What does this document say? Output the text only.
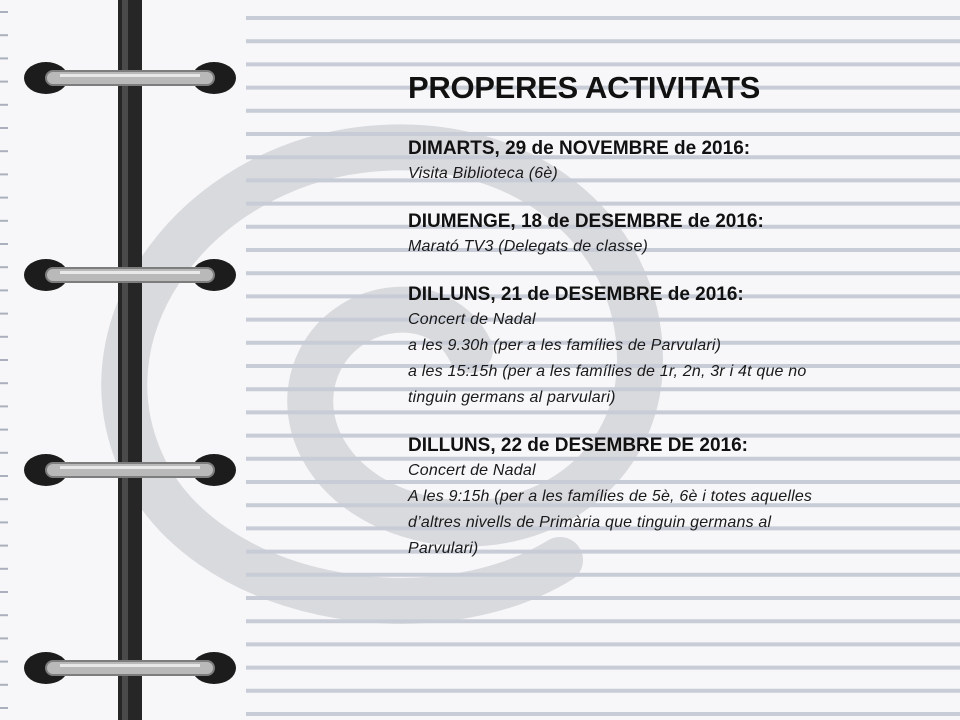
PROPERES ACTIVITATS
DIMARTS, 29 de NOVEMBRE de 2016:
Visita Biblioteca (6è)
DIUMENGE, 18 de DESEMBRE de 2016:
Marató TV3 (Delegats de classe)
DILLUNS, 21 de DESEMBRE de 2016:
Concert de Nadal
a les 9.30h (per a les famílies de Parvulari)
a les 15:15h (per a les famílies de 1r, 2n, 3r i 4t que no
tinguin germans al parvulari)
DILLUNS, 22 de DESEMBRE DE 2016:
Concert de Nadal
A les 9:15h (per a les famílies de 5è, 6è i totes aquelles
d’altres nivells de Primària que tinguin germans al
Parvulari)
